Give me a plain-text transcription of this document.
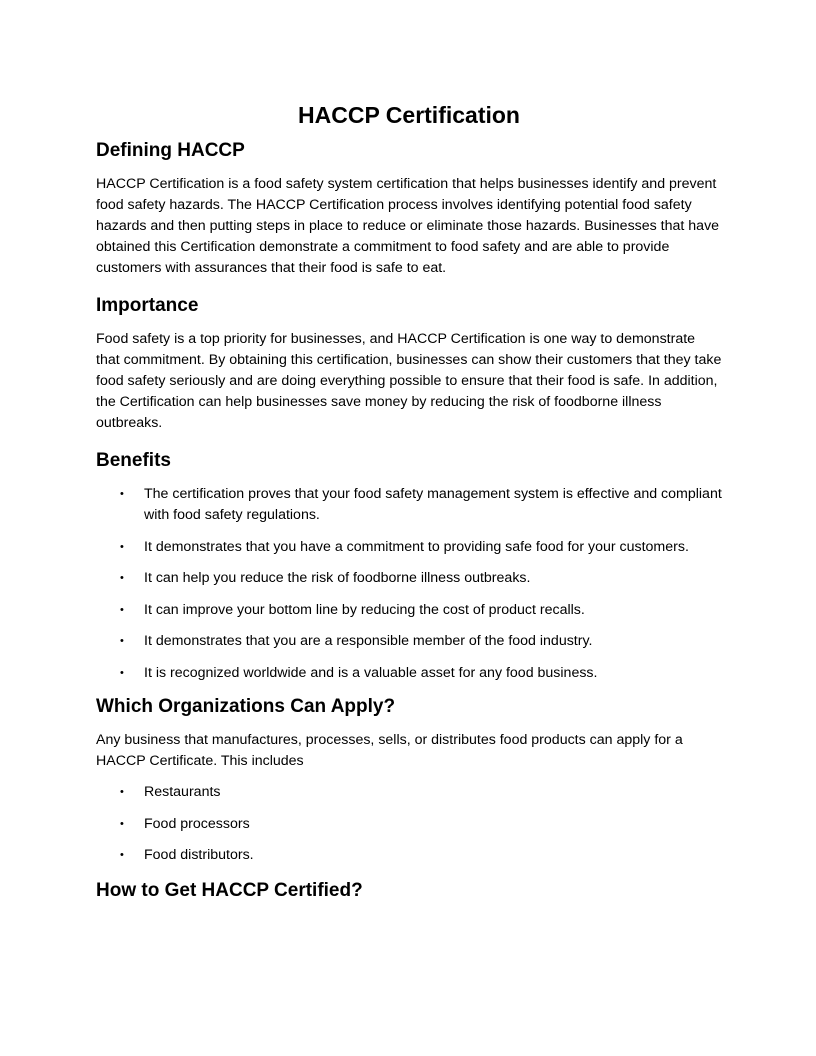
HACCP Certification
Defining HACCP

HACCP Certification is a food safety system certification that helps businesses identify and prevent food safety hazards. The HACCP Certification process involves identifying potential food safety hazards and then putting steps in place to reduce or eliminate those hazards. Businesses that have obtained this Certification demonstrate a commitment to food safety and are able to provide customers with assurances that their food is safe to eat.

Importance

Food safety is a top priority for businesses, and HACCP Certification is one way to demonstrate that commitment. By obtaining this certification, businesses can show their customers that they take food safety seriously and are doing everything possible to ensure that their food is safe. In addition, the Certification can help businesses save money by reducing the risk of foodborne illness outbreaks.

Benefits
• The certification proves that your food safety management system is effective and compliant with food safety regulations.
• It demonstrates that you have a commitment to providing safe food for your customers.
• It can help you reduce the risk of foodborne illness outbreaks.
• It can improve your bottom line by reducing the cost of product recalls.
• It demonstrates that you are a responsible member of the food industry.
• It is recognized worldwide and is a valuable asset for any food business.
Which Organizations Can Apply?

Any business that manufactures, processes, sells, or distributes food products can apply for a HACCP Certificate. This includes

• Restaurants
• Food processors
• Food distributors.
How to Get HACCP Certified?
